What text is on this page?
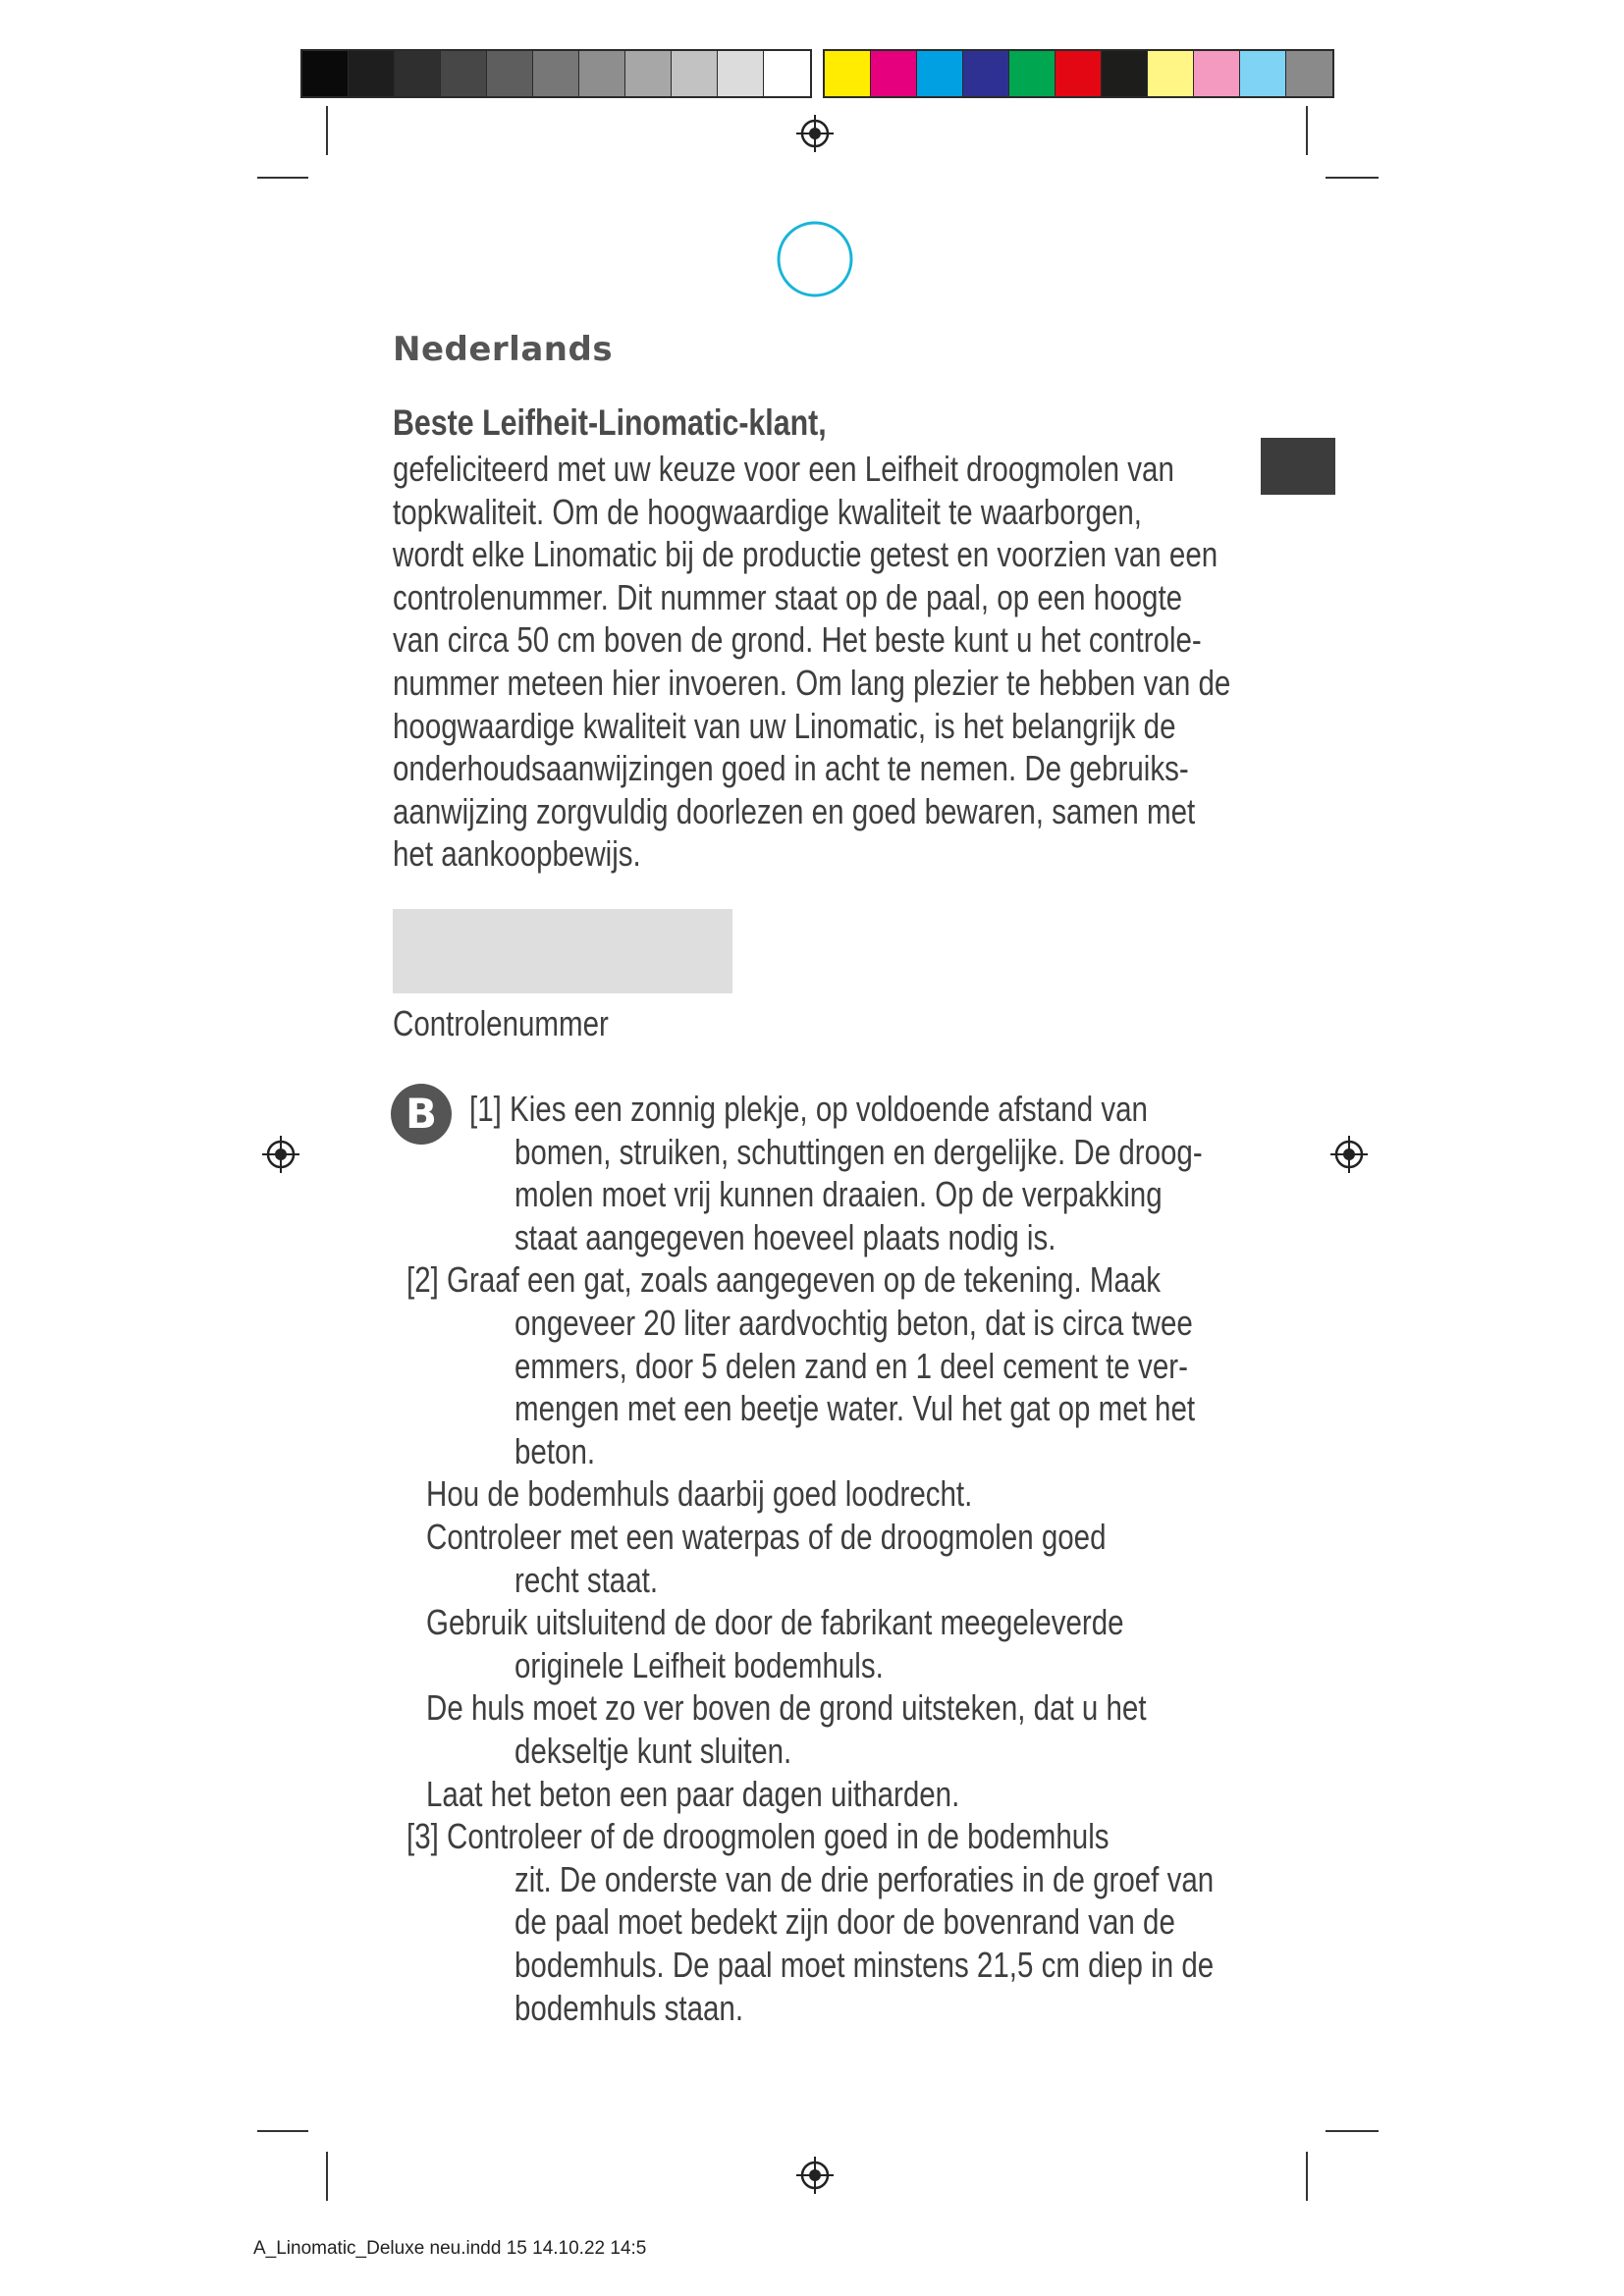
Nederlands
Beste Leifheit-Linomatic-klant,

gefeliciteerd met uw keuze voor een Leifheit droogmolen van

topkwaliteit. Om de hoogwaardige kwaliteit te waarborgen,

wordt elke Linomatic bij de productie getest en voorzien van een

controlenummer. Dit nummer staat op de paal, op een hoogte

van circa 50 cm boven de grond. Het beste kunt u het controle-

nummer meteen hier invoeren. Om lang plezier te hebben van de

hoogwaardige kwaliteit van uw Linomatic, is het belangrijk de

onderhoudsaanwijzingen goed in acht te nemen. De gebruiks-

aanwijzing zorgvuldig doorlezen en goed bewaren, samen met

het aankoopbewijs.

Controlenummer
B [1] Kies een zonnig plekje, op voldoende afstand van
bomen, struiken, schuttingen en dergelijke. De droog-
molen moet vrij kunnen draaien. Op de verpakking
staat aangegeven hoeveel plaats nodig is.
[2] Graaf een gat, zoals aangegeven op de tekening. Maak
ongeveer 20 liter aardvochtig beton, dat is circa twee
emmers, door 5 delen zand en 1 deel cement te ver-
mengen met een beetje water. Vul het gat op met het
beton.
Hou de bodemhuls daarbij goed loodrecht.
Controleer met een waterpas of de droogmolen goed
recht staat.
Gebruik uitsluitend de door de fabrikant meegeleverde
originele Leifheit bodemhuls.
De huls moet zo ver boven de grond uitsteken, dat u het
dekseltje kunt sluiten.
Laat het beton een paar dagen uitharden.
[3] Controleer of de droogmolen goed in de bodemhuls
zit. De onderste van de drie perforaties in de groef van
de paal moet bedekt zijn door de bovenrand van de
bodemhuls. De paal moet minstens 21,5 cm diep in de
bodemhuls staan.
A_Linomatic_Deluxe neu.indd 15 14.10.22 14:5
